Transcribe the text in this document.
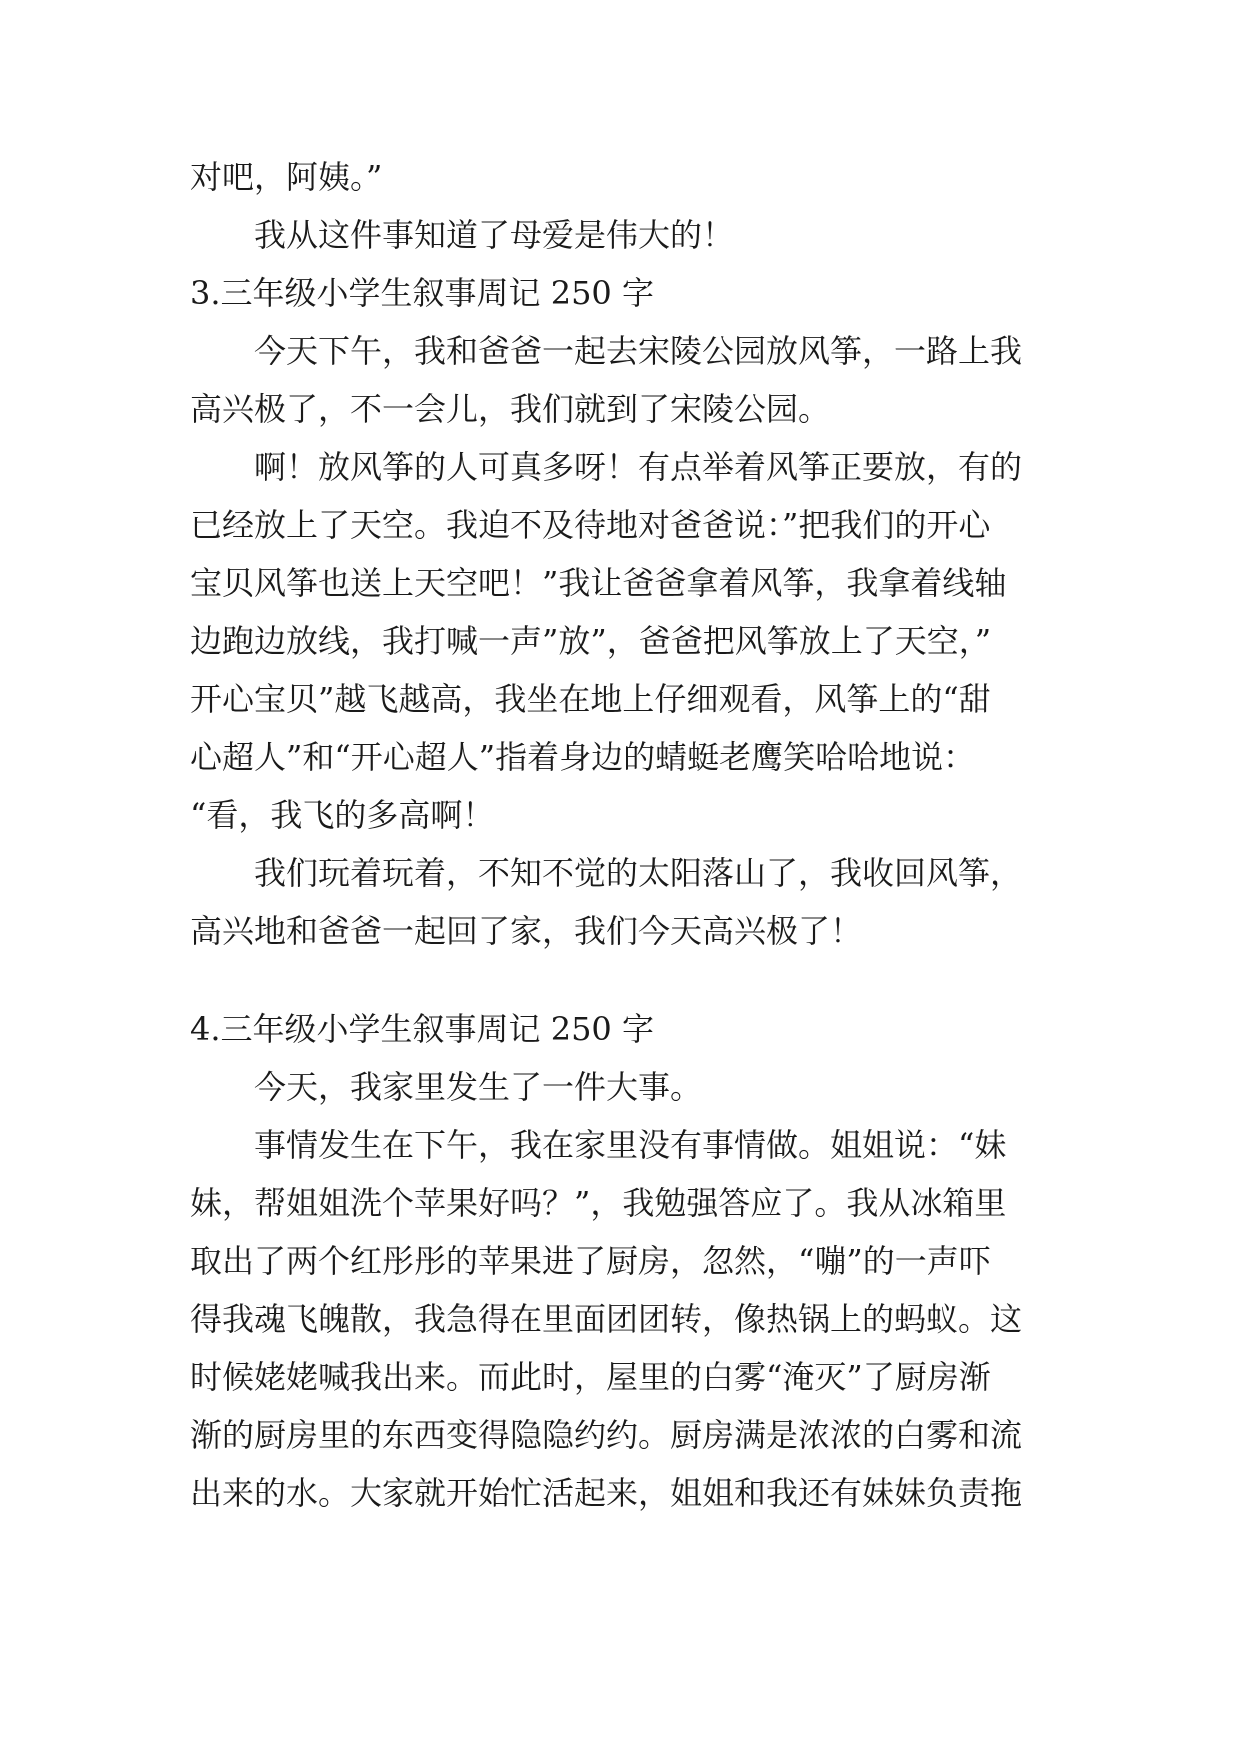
对吧，阿姨。”
我从这件事知道了母爱是伟大的！
3.三年级小学生叙事周记 250 字
今天下午，我和爸爸一起去宋陵公园放风筝，一路上我
高兴极了，不一会儿，我们就到了宋陵公园。
啊！放风筝的人可真多呀！有点举着风筝正要放，有的
已经放上了天空。我迫不及待地对爸爸说：”把我们的开心
宝贝风筝也送上天空吧！”我让爸爸拿着风筝，我拿着线轴
边跑边放线，我打喊一声”放”，爸爸把风筝放上了天空，”
开心宝贝”越飞越高，我坐在地上仔细观看，风筝上的“甜
心超人”和“开心超人”指着身边的蜻蜓老鹰笑哈哈地说：
“看，我飞的多高啊！
我们玩着玩着，不知不觉的太阳落山了，我收回风筝，
高兴地和爸爸一起回了家，我们今天高兴极了！
4.三年级小学生叙事周记 250 字
今天，我家里发生了一件大事。
事情发生在下午，我在家里没有事情做。姐姐说：“妹
妹，帮姐姐洗个苹果好吗？”，我勉强答应了。我从冰箱里
取出了两个红彤彤的苹果进了厨房，忽然，“嘣”的一声吓
得我魂飞魄散，我急得在里面团团转，像热锅上的蚂蚁。这
时候姥姥喊我出来。而此时，屋里的白雾“淹灭”了厨房渐
渐的厨房里的东西变得隐隐约约。厨房满是浓浓的白雾和流
出来的水。大家就开始忙活起来，姐姐和我还有妹妹负责拖
